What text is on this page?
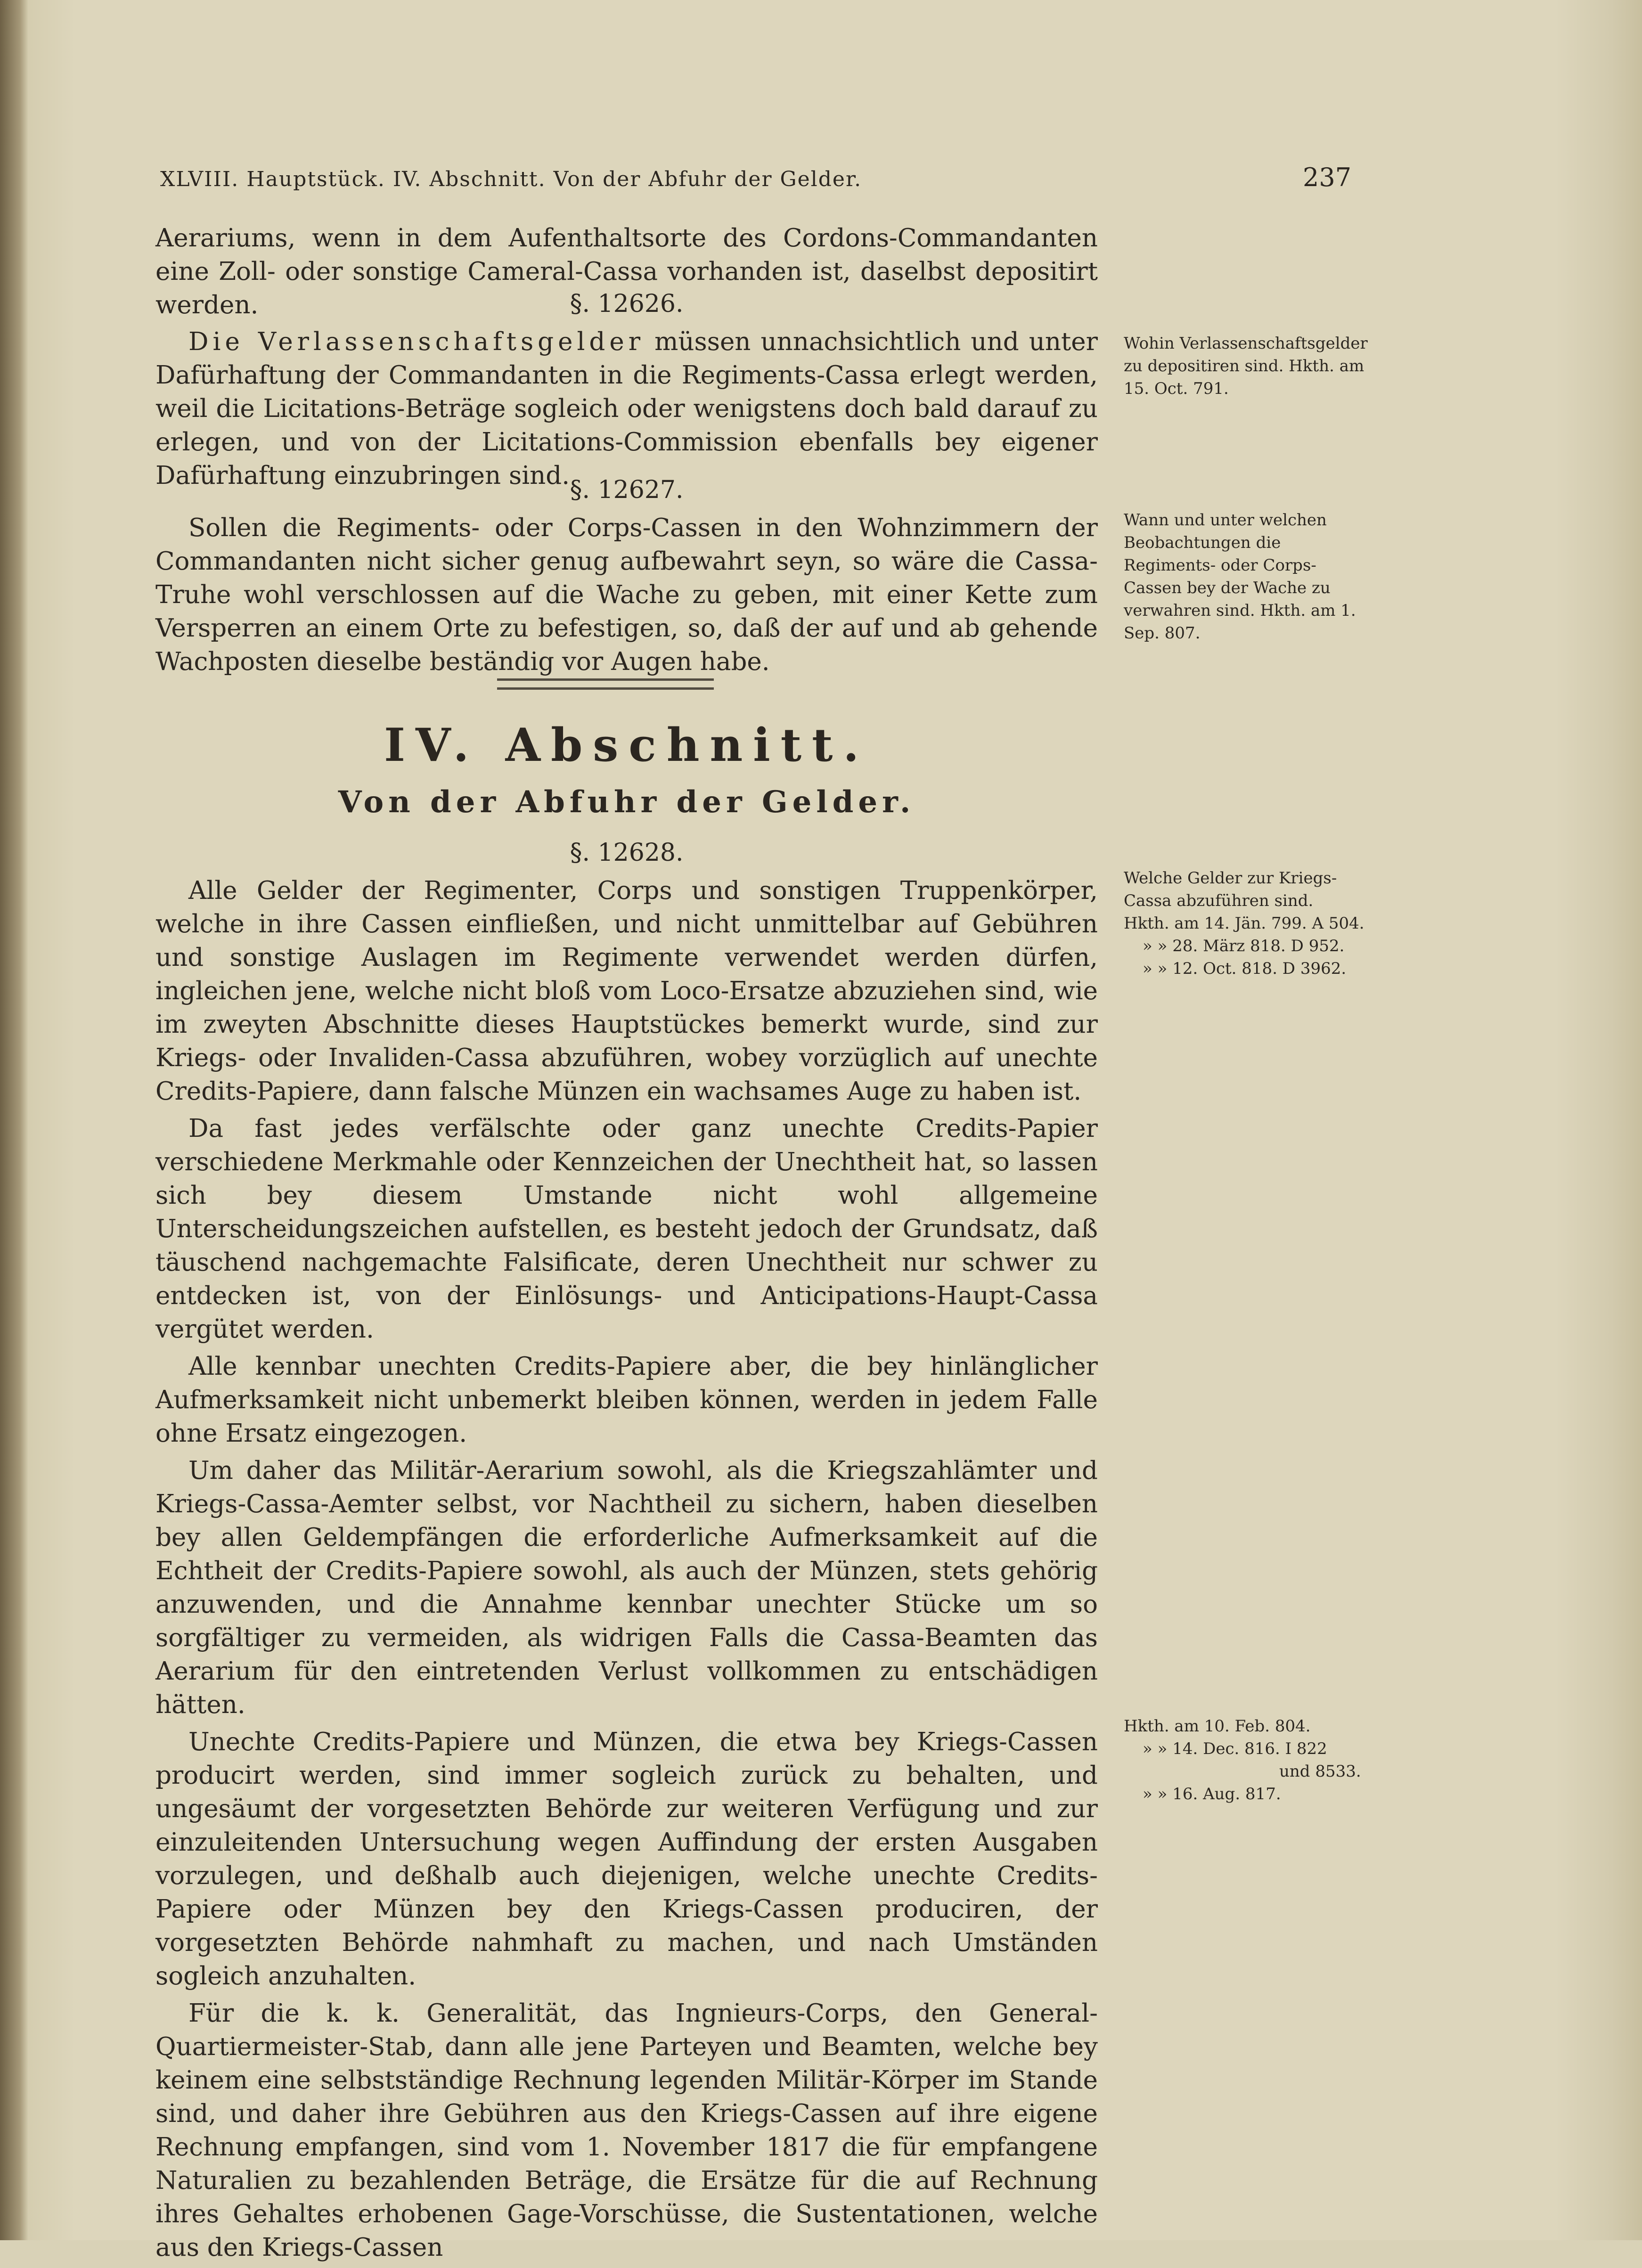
XLVIII. Hauptstück. IV. Abschnitt. Von der Abfuhr der Gelder.	237

Aerariums, wenn in dem Aufenthaltsorte des Cordons-Commandanten eine Zoll- oder sonstige Cameral-Cassa vorhanden ist, daselbst depositirt werden.	§. 12626.

Die Verlassenschaftsgelder müssen unnachsichtlich und unter Dafürhaftung der Commandanten in die Regiments-Cassa erlegt werden, weil die Licitations-Beträge sogleich oder wenigstens doch bald darauf zu erlegen, und von der Licitations-Commission ebenfalls bey eigener Dafürhaftung einzubringen sind.

Wohin Verlassenschaftsgelder zu depositiren sind. Hkth. am 15. Oct. 791.
§. 12627.

Sollen die Regiments- oder Corps-Cassen in den Wohnzimmern der Commandanten nicht sicher genug aufbewahrt seyn, so wäre die Cassa-Truhe wohl verschlossen auf die Wache zu geben, mit einer Kette zum Versperren an einem Orte zu befestigen, so, daß der auf und ab gehende Wachposten dieselbe beständig vor Augen habe.

Wann und unter welchen Beobachtungen die Regiments- oder Corps-Cassen bey der Wache zu verwahren sind. Hkth. am 1. Sep. 807.
IV. Abschnitt.
Von der Abfuhr der Gelder.
§. 12628.

Alle Gelder der Regimenter, Corps und sonstigen Truppenkörper, welche in ihre Cassen einfließen, und nicht unmittelbar auf Gebühren und sonstige Auslagen im Regimente verwendet werden dürfen, ingleichen jene, welche nicht bloß vom Loco-Ersatze abzuziehen sind, wie im zweyten Abschnitte dieses Hauptstückes bemerkt wurde, sind zur Kriegs- oder Invaliden-Cassa abzuführen, wobey vorzüglich auf unechte Credits-Papiere, dann falsche Münzen ein wachsames Auge zu haben ist.

Da fast jedes verfälschte oder ganz unechte Credits-Papier verschiedene Merkmahle oder Kennzeichen der Unechtheit hat, so lassen sich bey diesem Umstande nicht wohl allgemeine Unterscheidungszeichen aufstellen, es besteht jedoch der Grundsatz, daß täuschend nachgemachte Falsificate, deren Unechtheit nur schwer zu entdecken ist, von der Einlösungs- und Anticipations-Haupt-Cassa vergütet werden.

Alle kennbar unechten Credits-Papiere aber, die bey hinlänglicher Aufmerksamkeit nicht unbemerkt bleiben können, werden in jedem Falle ohne Ersatz eingezogen.

Um daher das Militär-Aerarium sowohl, als die Kriegszahlämter und Kriegs-Cassa-Aemter selbst, vor Nachtheil zu sichern, haben dieselben bey allen Geldempfängen die erforderliche Aufmerksamkeit auf die Echtheit der Credits-Papiere sowohl, als auch der Münzen, stets gehörig anzuwenden, und die Annahme kennbar unechter Stücke um so sorgfältiger zu vermeiden, als widrigen Falls die Cassa-Beamten das Aerarium für den eintretenden Verlust vollkommen zu entschädigen hätten.

Unechte Credits-Papiere und Münzen, die etwa bey Kriegs-Cassen producirt werden, sind immer sogleich zurück zu behalten, und ungesäumt der vorgesetzten Behörde zur weiteren Verfügung und zur einzuleitenden Untersuchung wegen Auffindung der ersten Ausgaben vorzulegen, und deßhalb auch diejenigen, welche unechte Credits-Papiere oder Münzen bey den Kriegs-Cassen produciren, der vorgesetzten Behörde nahmhaft zu machen, und nach Umständen sogleich anzuhalten.

Für die k. k. Generalität, das Ingnieurs-Corps, den General-Quartiermeister-Stab, dann alle jene Parteyen und Beamten, welche bey keinem eine selbstständige Rechnung legenden Militär-Körper im Stande sind, und daher ihre Gebühren aus den Kriegs-Cassen auf ihre eigene Rechnung empfangen, sind vom 1. November 1817 die für empfangene Naturalien zu bezahlenden Beträge, die Ersätze für die auf Rechnung ihres Gehaltes erhobenen Gage-Vorschüsse, die Sustentationen, welche aus den Kriegs-Cassen

Welche Gelder zur Kriegs-Cassa abzuführen sind.
Hkth. am 14. Jän. 799. A 504.
» » 28. März 818. D 952.
» » 12. Oct. 818. D 3962.
Hkth. am 10. Feb. 804.
» » 14. Dec. 816. I 822
und 8533.
» » 16. Aug. 817.
